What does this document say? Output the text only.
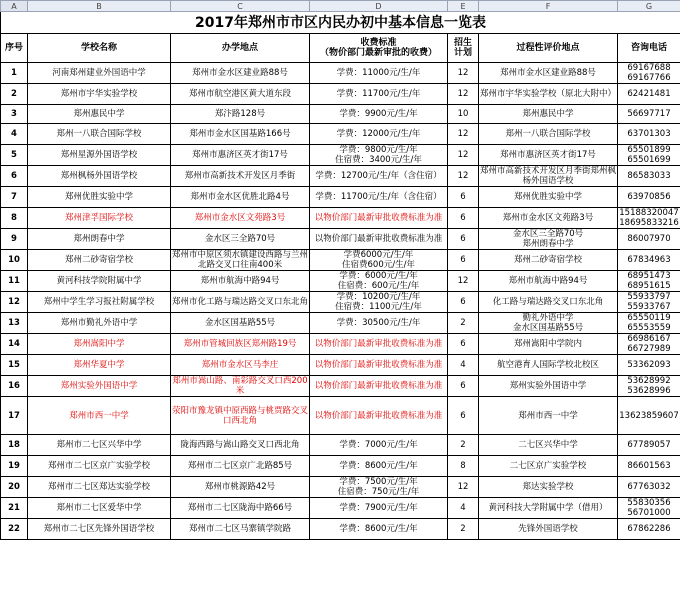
A	B	C	D	E	F	G
2017年郑州市市区内民办初中基本信息一览表						
序号	学校名称	办学地点	收费标准
（物价部门最新审批的收费）	招生
计划	过程性评价地点	咨询电话
1	河南郑州建业外国语中学	郑州市金水区建业路88号	学费：11000元/生/年	12	郑州市金水区建业路88号	69167688
69167766
2	郑州市宇华实验学校	郑州市航空港区黄大道东段	学费：11700元/生/年	12	郑州市宇华实验学校（原北大附中）	62421481
3	郑州惠民中学	郑汴路128号	学费：9900元/生/年	10	郑州惠民中学	56697717
4	郑州一八联合国际学校	郑州市金水区国基路166号	学费：12000元/生/年	12	郑州一八联合国际学校	63701303
5	郑州星源外国语学校	郑州市惠济区英才街17号	学费：9800元/生/年
住宿费：3400元/生/年	12	郑州市惠济区英才街17号	65501899
65501699
6	郑州枫杨外国语学校	郑州市高新技术开发区月季街	学费：12700元/生/年（含住宿）	12	郑州市高新技术开发区月季街郑州枫杨外国语学校	86583033
7	郑州优胜实验中学	郑州市金水区优胜北路4号	学费：11700元/生/年（含住宿）	6	郑州优胜实验中学	63970856
8	郑州津孚国际学校	郑州市金水区文苑路3号	以物价部门最新审批收费标准为准	6	郑州市金水区文苑路3号	15188320047
18695833216
9	郑州朗春中学	金水区三全路70号	以物价部门最新审批收费标准为准	6	金水区三全路70号
郑州朗春中学	86007970
10	郑州二砂寄宿学校	郑州市中原区须水镇建设西路与兰州北路交叉口往南400米	学费6000元/生/年
住宿费600元/生/年	6	郑州二砂寄宿学校	67834963
11	黄河科技学院附属中学	郑州市航海中路94号	学费：6000元/生/年
住宿费：600元/生/年	12	郑州市航海中路94号	68951473
68951615
12	郑州中学生学习报社附属学校	郑州市化工路与瑞达路交叉口东北角	学费：10200元/生/年
住宿费：1100元/生/年	6	化工路与瑞达路交叉口东北角	55933797
55933767
13	郑州市勤礼外语中学	金水区国基路55号	学费：30500元/生/年	2	勤礼外语中学
金水区国基路55号	65550119
65553559
14	郑州嵩阳中学	郑州市管城回族区郑州路19号	以物价部门最新审批收费标准为准	6	郑州嵩阳中学院内	66986167
66727989
15	郑州华夏中学	郑州市金水区马李庄	以物价部门最新审批收费标准为准	4	航空港育人国际学校北校区	53362093
16	郑州实验外国语中学	郑州市嵩山路、南彩路交叉口西200米	以物价部门最新审批收费标准为准	6	郑州实验外国语中学	53628992
53628996
17	郑州市西一中学	荥阳市豫龙镇中原西路与桃贾路交叉口西北角	以物价部门最新审批收费标准为准	6	郑州市西一中学	13623859607
18	郑州市二七区兴华中学	陇海西路与嵩山路交叉口西北角	学费：7000元/生/年	2	二七区兴华中学	67789057
19	郑州市二七区京广实验学校	郑州市二七区京广北路85号	学费：8600元/生/年	8	二七区京广实验学校	86601563
20	郑州市二七区郑达实验学校	郑州市桃源路42号	学费：7500元/生/年
住宿费：750元/生/年	12	郑达实验学校	67763032
21	郑州市二七区爱华中学	郑州市二七区陇海中路66号	学费：7900元/生/年	4	黄河科技大学附属中学（借用）	55830356
56701000
22	郑州市二七区先锋外国语学校	郑州市二七区马寨镇学院路	学费：8600元/生/年	2	先锋外国语学校	67862286
